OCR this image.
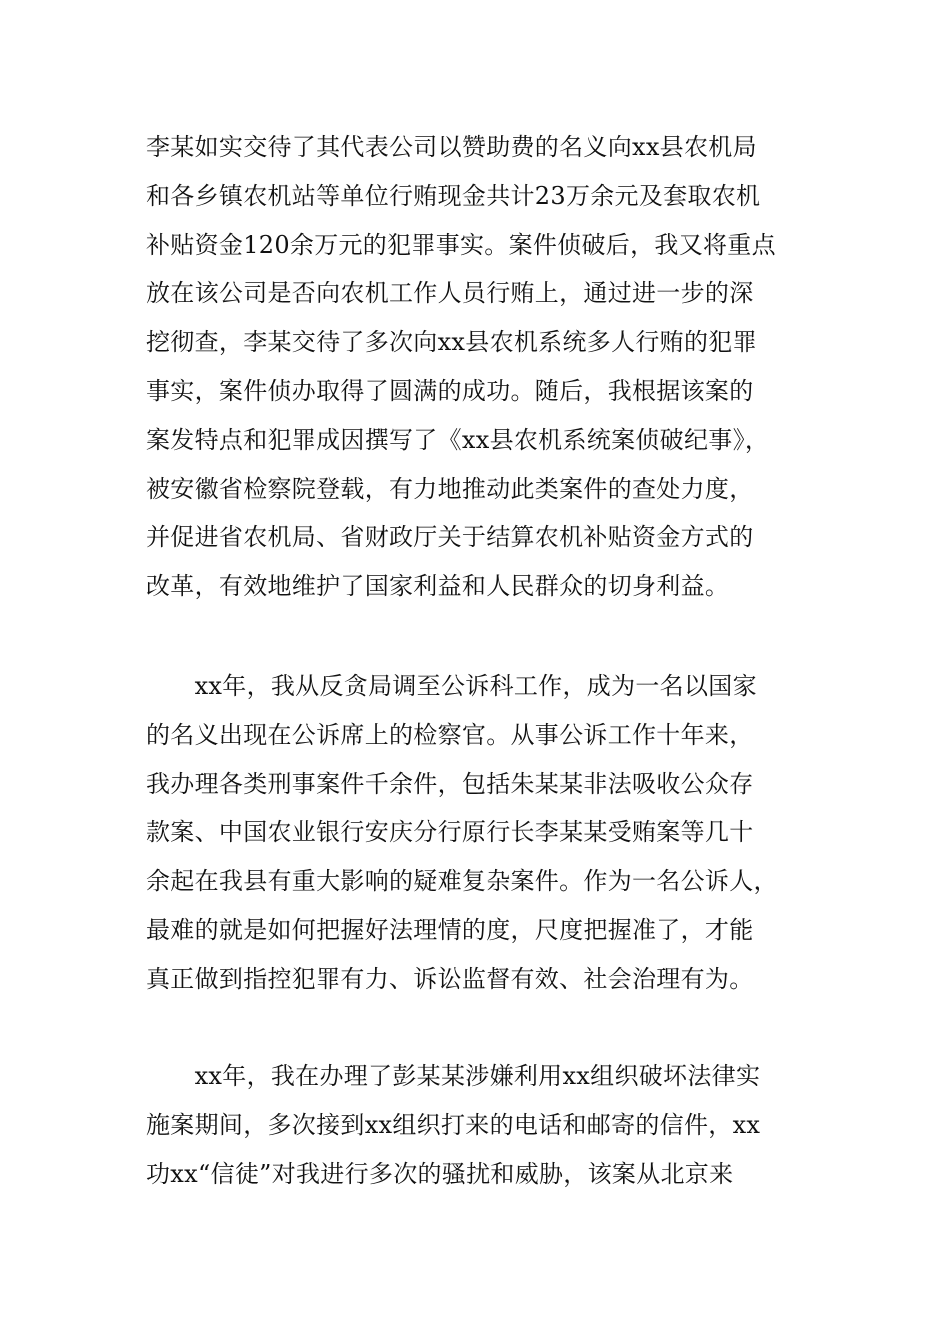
李某如实交待了其代表公司以赞助费的名义向xx县农机局
和各乡镇农机站等单位行贿现金共计23万余元及套取农机
补贴资金120余万元的犯罪事实。案件侦破后，我又将重点
放在该公司是否向农机工作人员行贿上，通过进一步的深
挖彻查，李某交待了多次向xx县农机系统多人行贿的犯罪
事实，案件侦办取得了圆满的成功。随后，我根据该案的
案发特点和犯罪成因撰写了《xx县农机系统案侦破纪事》，
被安徽省检察院登载，有力地推动此类案件的查处力度，
并促进省农机局、省财政厅关于结算农机补贴资金方式的
改革，有效地维护了国家利益和人民群众的切身利益。
　　xx年，我从反贪局调至公诉科工作，成为一名以国家
的名义出现在公诉席上的检察官。从事公诉工作十年来，
我办理各类刑事案件千余件，包括朱某某非法吸收公众存
款案、中国农业银行安庆分行原行长李某某受贿案等几十
余起在我县有重大影响的疑难复杂案件。作为一名公诉人，
最难的就是如何把握好法理情的度，尺度把握准了，才能
真正做到指控犯罪有力、诉讼监督有效、社会治理有为。
　　xx年，我在办理了彭某某涉嫌利用xx组织破坏法律实
施案期间，多次接到xx组织打来的电话和邮寄的信件，xx
功xx“信徒”对我进行多次的骚扰和威胁，该案从北京来
